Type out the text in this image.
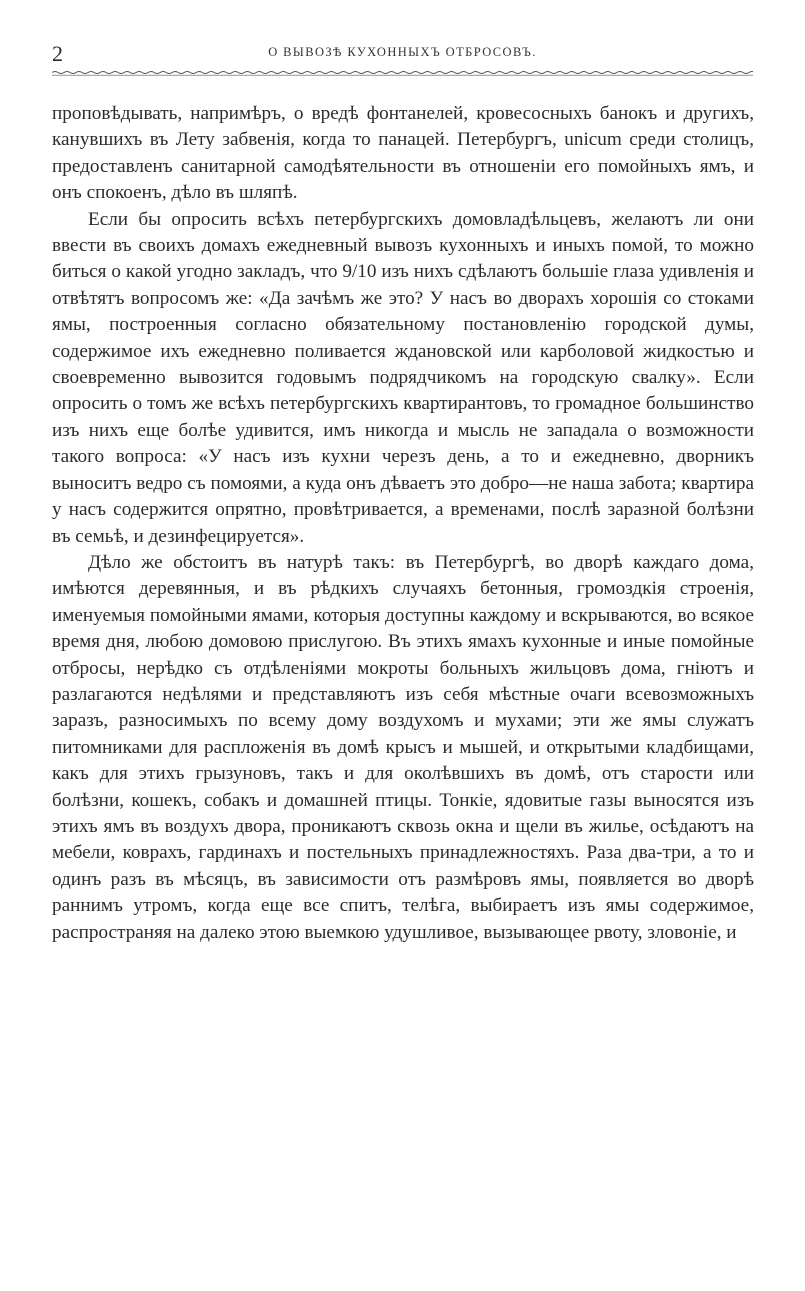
2	О ВЫВОЗѢ КУХОННЫХЪ ОТБРОСОВЪ.

проповѣдывать, напримѣръ, о вредѣ фонтанелей, кровесосныхъ банокъ и другихъ, канувшихъ въ Лету забвенія, когда то панацей. Петербургъ, unicum среди столицъ, предоставленъ санитарной самодѣятельности въ отношеніи его помойныхъ ямъ, и онъ спокоенъ, дѣло въ шляпѣ.

Если бы опросить всѣхъ петербургскихъ домовладѣльцевъ, желаютъ ли они ввести въ своихъ домахъ ежедневный вывозъ кухонныхъ и иныхъ помой, то можно биться о какой угодно закладъ, что 9/10 изъ нихъ сдѣлаютъ большіе глаза удивленія и отвѣтятъ вопросомъ же: «Да зачѣмъ же это? У насъ во дворахъ хорошія со стоками ямы, построенныя согласно обязательному постановленію городской думы, содержимое ихъ ежедневно поливается ждановской или карболовой жидкостью и своевременно вывозится годовымъ подрядчикомъ на городскую свалку». Если опросить о томъ же всѣхъ петербургскихъ квартирантовъ, то громадное большинство изъ нихъ еще болѣе удивится, имъ никогда и мысль не западала о возможности такого вопроса: «У насъ изъ кухни черезъ день, а то и ежедневно, дворникъ выноситъ ведро съ помоями, а куда онъ дѣваетъ это добро—не наша забота; квартира у насъ содержится опрятно, провѣтривается, а временами, послѣ заразной болѣзни въ семьѣ, и дезинфецируется».

Дѣло же обстоитъ въ натурѣ такъ: въ Петербургѣ, во дворѣ каждаго дома, имѣются деревянныя, и въ рѣдкихъ случаяхъ бетонныя, громоздкія строенія, именуемыя помойными ямами, которыя доступны каждому и вскрываются, во всякое время дня, любою домовою прислугою. Въ этихъ ямахъ кухонные и иные помойные отбросы, нерѣдко съ отдѣленіями мокроты больныхъ жильцовъ дома, гніютъ и разлагаются недѣлями и представляютъ изъ себя мѣстные очаги всевозможныхъ заразъ, разносимыхъ по всему дому воздухомъ и мухами; эти же ямы служатъ питомниками для распложенія въ домѣ крысъ и мышей, и открытыми кладбищами, какъ для этихъ грызуновъ, такъ и для околѣвшихъ въ домѣ, отъ старости или болѣзни, кошекъ, собакъ и домашней птицы. Тонкіе, ядовитые газы выносятся изъ этихъ ямъ въ воздухъ двора, проникаютъ сквозь окна и щели въ жилье, осѣдаютъ на мебели, коврахъ, гардинахъ и постельныхъ принадлежностяхъ. Раза два-три, а то и одинъ разъ въ мѣсяцъ, въ зависимости отъ размѣровъ ямы, появляется во дворѣ раннимъ утромъ, когда еще все спитъ, телѣга, выбираетъ изъ ямы содержимое, распространяя на далеко этою выемкою удушливое, вызывающее рвоту, зловоніе, и
